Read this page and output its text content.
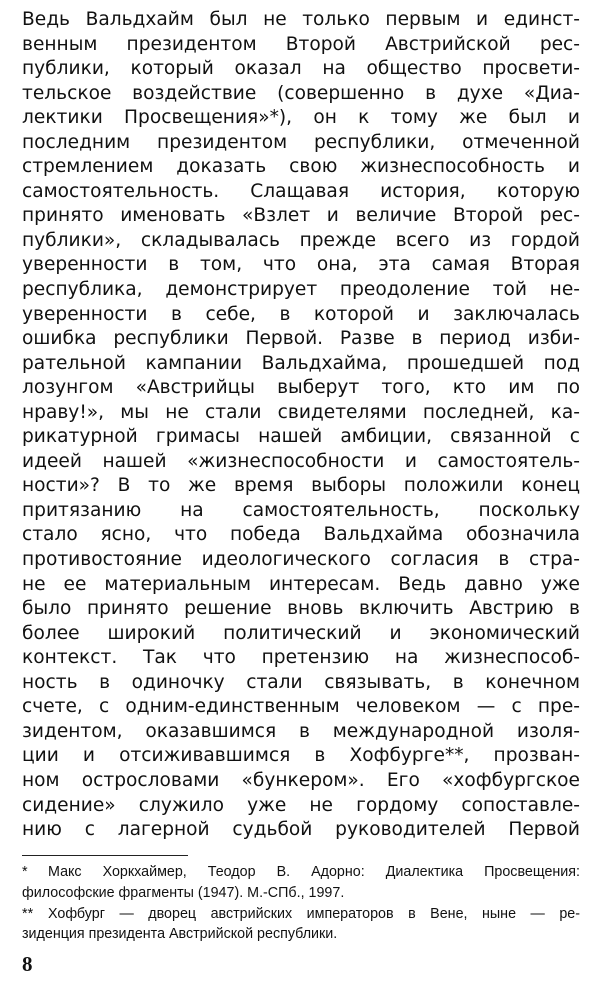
Ведь Вальдхайм был не только первым и единст-
венным президентом Второй Австрийской рес-
публики, который оказал на общество просвети-
тельское воздействие (совершенно в духе «Диа-
лектики Просвещения»*), он к тому же был и
последним президентом республики, отмеченной
стремлением доказать свою жизнеспособность и
самостоятельность. Слащавая история, которую
принято именовать «Взлет и величие Второй рес-
публики», складывалась прежде всего из гордой
уверенности в том, что она, эта самая Вторая
республика, демонстрирует преодоление той не-
уверенности в себе, в которой и заключалась
ошибка республики Первой. Разве в период изби-
рательной кампании Вальдхайма, прошедшей под
лозунгом «Австрийцы выберут того, кто им по
нраву!», мы не стали свидетелями последней, ка-
рикатурной гримасы нашей амбиции, связанной с
идеей нашей «жизнеспособности и самостоятель-
ности»? В то же время выборы положили конец
притязанию на самостоятельность, поскольку
стало ясно, что победа Вальдхайма обозначила
противостояние идеологического согласия в стра-
не ее материальным интересам. Ведь давно уже
было принято решение вновь включить Австрию в
более широкий политический и экономический
контекст. Так что претензию на жизнеспособ-
ность в одиночку стали связывать, в конечном
счете, с одним-единственным человеком — с пре-
зидентом, оказавшимся в международной изоля-
ции и отсиживавшимся в Хофбурге**, прозван-
ном острословами «бункером». Его «хофбургское
сидение» служило уже не гордому сопоставле-
нию с лагерной судьбой руководителей Первой
* Макс Хоркхаймер, Теодор В. Адорно: Диалектика Просвещения:
философские фрагменты (1947). М.-СПб., 1997.
** Хофбург — дворец австрийских императоров в Вене, ныне — ре-
зиденция президента Австрийской республики.
8
